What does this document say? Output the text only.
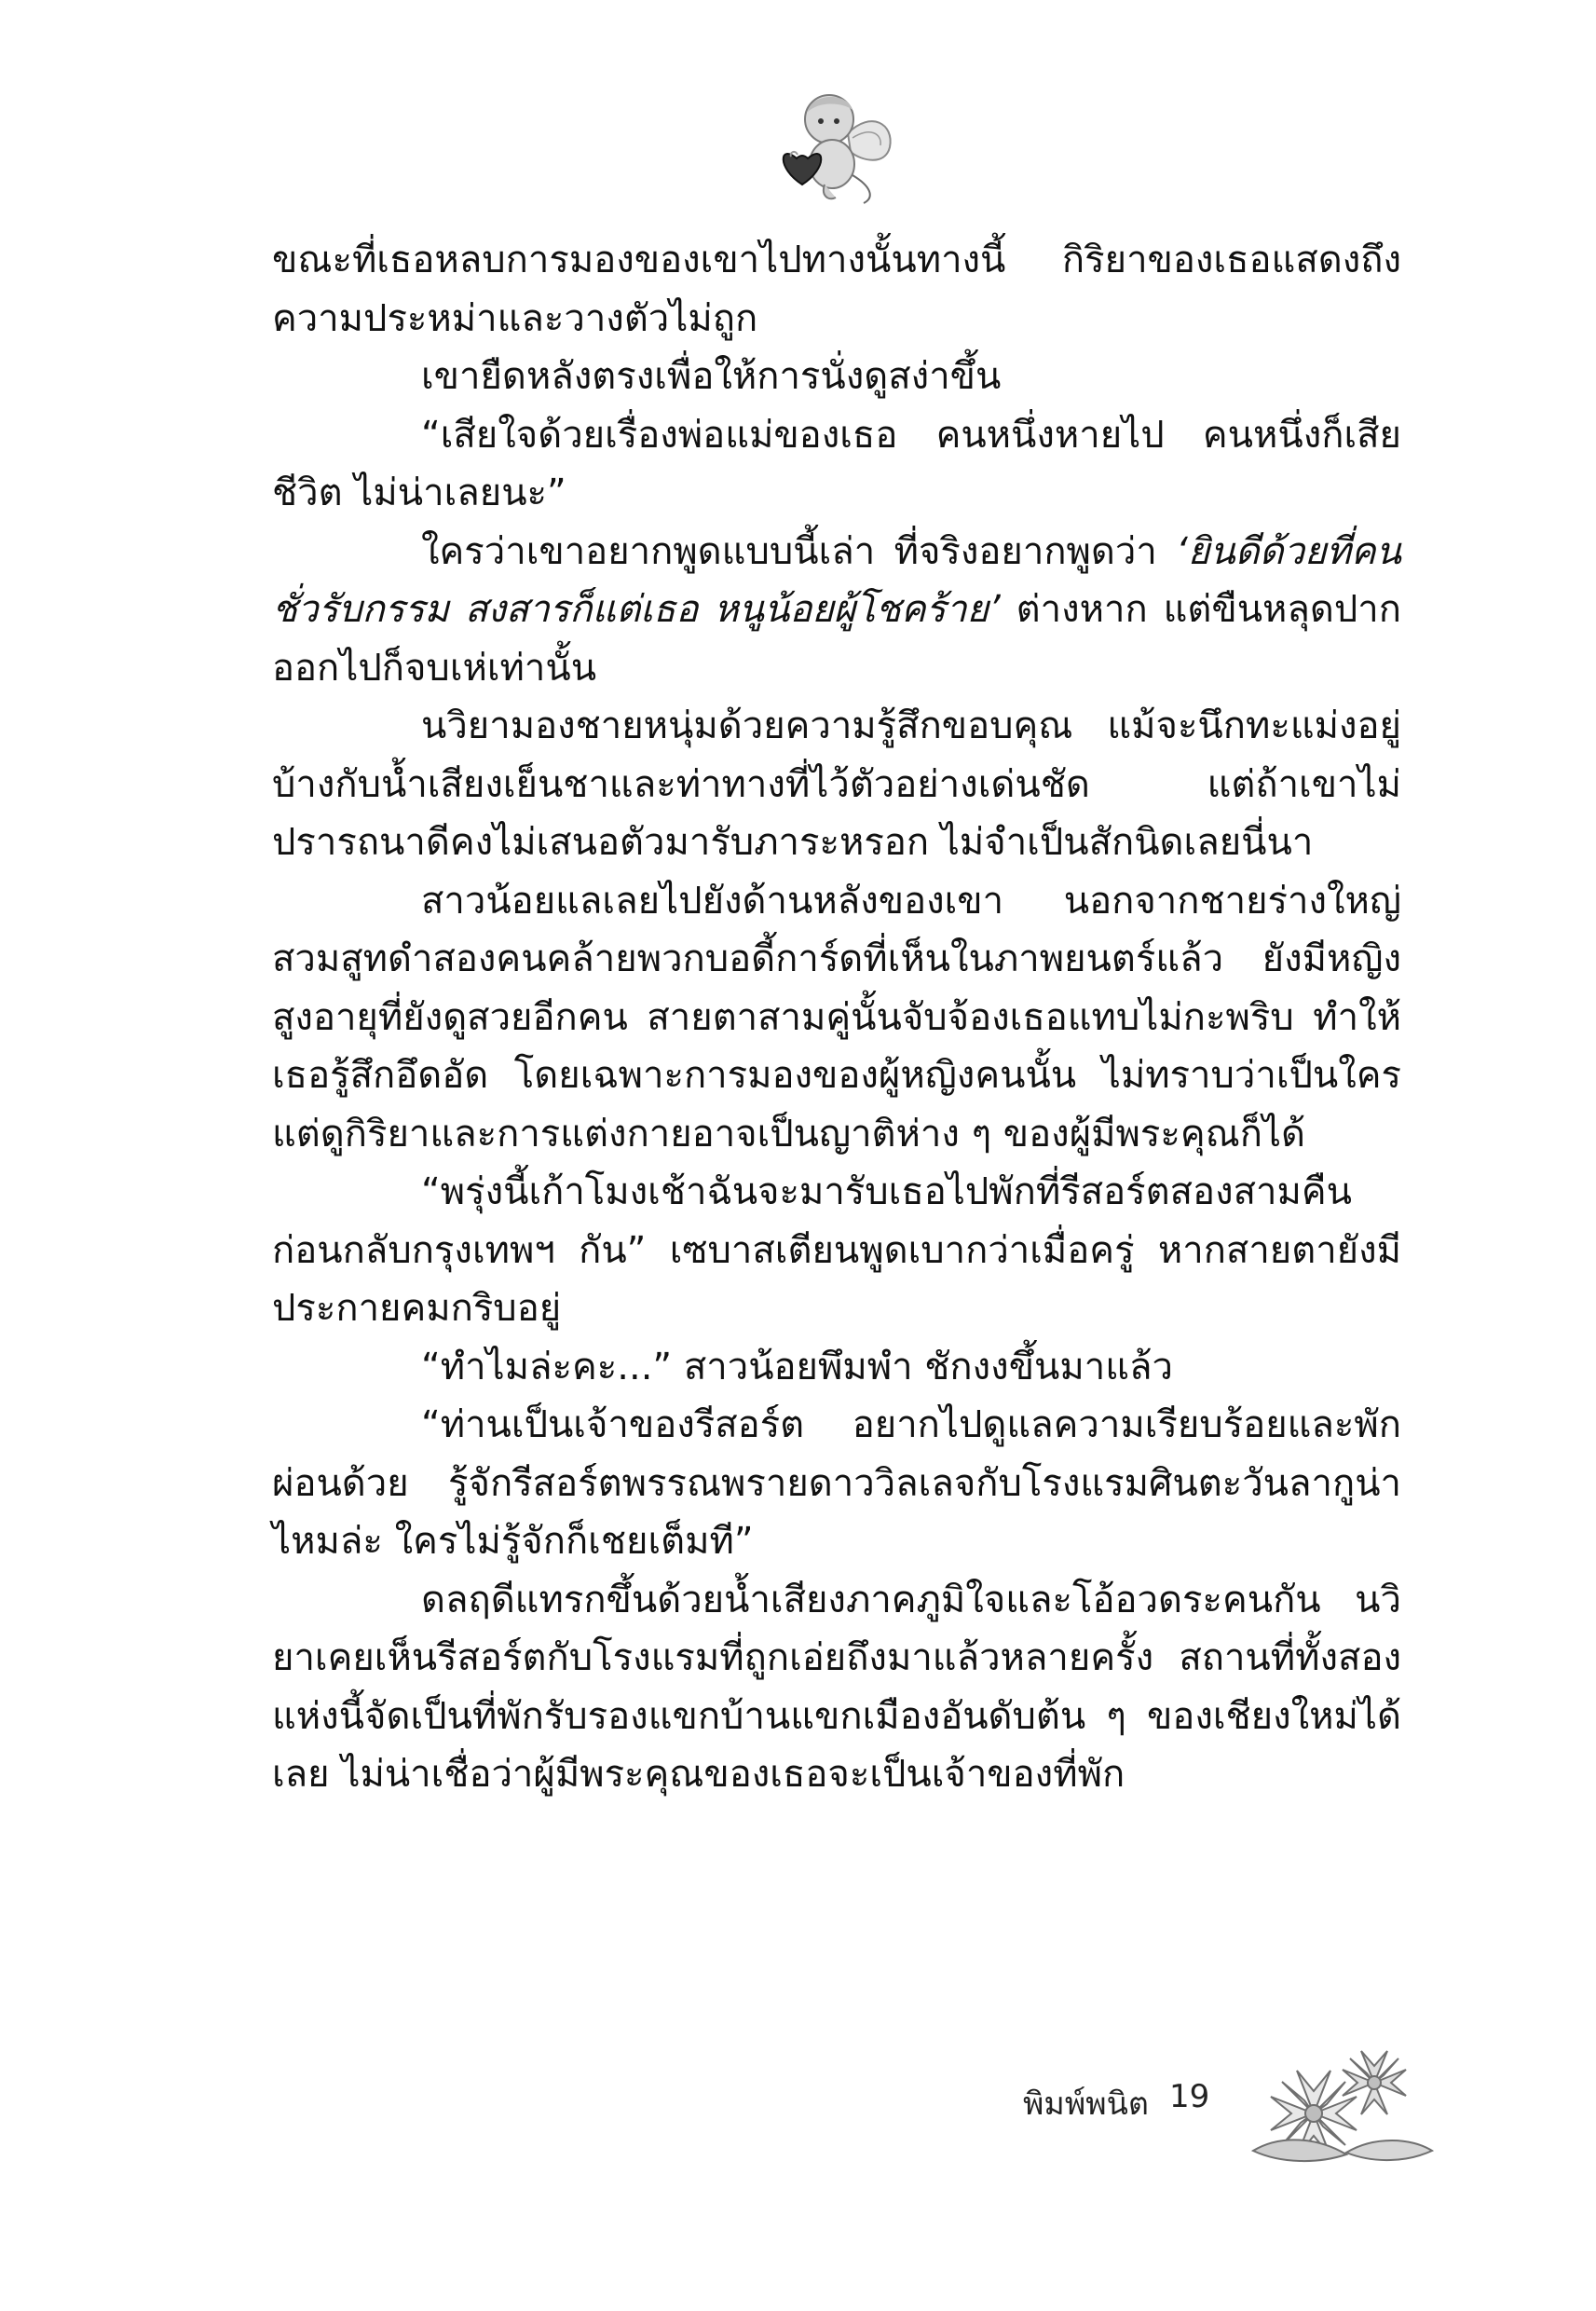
ขณะที่เธอหลบการมองของเขาไปทางนั้นทางนี้ กิริยาของเธอแสดงถึงความประหม่าและวางตัวไม่ถูก

เขายืดหลังตรงเพื่อให้การนั่งดูสง่าขึ้น

“เสียใจด้วยเรื่องพ่อแม่ของเธอ คนหนึ่งหายไป คนหนึ่งก็เสียชีวิต ไม่น่าเลยนะ”

ใครว่าเขาอยากพูดแบบนี้เล่า ที่จริงอยากพูดว่า ‘ยินดีด้วยที่คนชั่วรับกรรม สงสารก็แต่เธอ หนูน้อยผู้โชคร้าย’ ต่างหาก แต่ขืนหลุดปากออกไปก็จบเห่เท่านั้น

นวิยามองชายหนุ่มด้วยความรู้สึกขอบคุณ แม้จะนึกทะแม่งอยู่บ้างกับน้ำเสียงเย็นชาและท่าทางที่ไว้ตัวอย่างเด่นชัด แต่ถ้าเขาไม่ปรารถนาดีคงไม่เสนอตัวมารับภาระหรอก ไม่จำเป็นสักนิดเลยนี่นา

สาวน้อยแลเลยไปยังด้านหลังของเขา นอกจากชายร่างใหญ่สวมสูทดำสองคนคล้ายพวกบอดี้การ์ดที่เห็นในภาพยนตร์แล้ว ยังมีหญิงสูงอายุที่ยังดูสวยอีกคน สายตาสามคู่นั้นจับจ้องเธอแทบไม่กะพริบ ทำให้เธอรู้สึกอึดอัด โดยเฉพาะการมองของผู้หญิงคนนั้น ไม่ทราบว่าเป็นใคร แต่ดูกิริยาและการแต่งกายอาจเป็นญาติห่าง ๆ ของผู้มีพระคุณก็ได้

“พรุ่งนี้เก้าโมงเช้าฉันจะมารับเธอไปพักที่รีสอร์ตสองสามคืนก่อนกลับกรุงเทพฯ กัน” เซบาสเตียนพูดเบากว่าเมื่อครู่ หากสายตายังมีประกายคมกริบอยู่

“ทำไมล่ะคะ...” สาวน้อยพึมพำ ชักงงขึ้นมาแล้ว

“ท่านเป็นเจ้าของรีสอร์ต อยากไปดูแลความเรียบร้อยและพักผ่อนด้วย รู้จักรีสอร์ตพรรณพรายดาววิลเลจกับโรงแรมศินตะวันลากูน่า ไหมล่ะ ใครไม่รู้จักก็เชยเต็มที”

ดลฤดีแทรกขึ้นด้วยน้ำเสียงภาคภูมิใจและโอ้อวดระคนกัน นวิยาเคยเห็นรีสอร์ตกับโรงแรมที่ถูกเอ่ยถึงมาแล้วหลายครั้ง สถานที่ทั้งสองแห่งนี้จัดเป็นที่พักรับรองแขกบ้านแขกเมืองอันดับต้น ๆ ของเชียงใหม่ได้เลย ไม่น่าเชื่อว่าผู้มีพระคุณของเธอจะเป็นเจ้าของที่พัก

พิมพ์พนิต 19
